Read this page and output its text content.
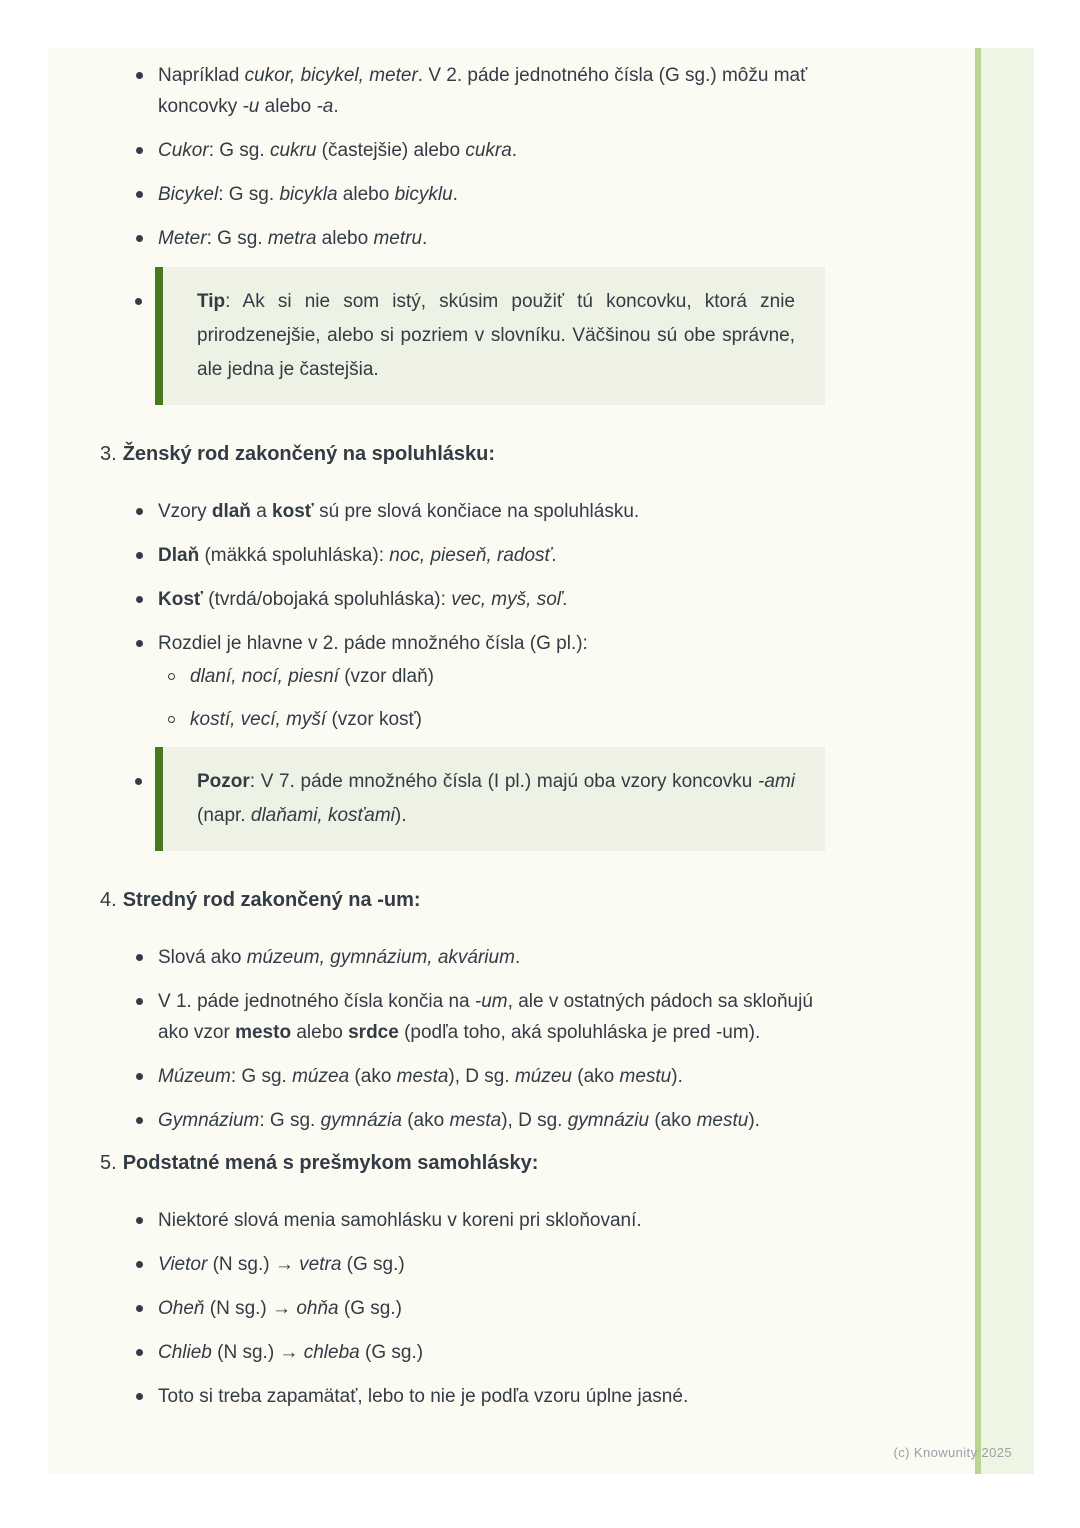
Napríklad cukor, bicykel, meter. V 2. páde jednotného čísla (G sg.) môžu mať koncovky -u alebo -a.
Cukor: G sg. cukru (častejšie) alebo cukra.
Bicykel: G sg. bicykla alebo bicyklu.
Meter: G sg. metra alebo metru.
Tip: Ak si nie som istý, skúsim použiť tú koncovku, ktorá znie prirodzenejšie, alebo si pozriem v slovníku. Väčšinou sú obe správne, ale jedna je častejšia.
3. Ženský rod zakončený na spoluhlásku:
Vzory dlaň a kosť sú pre slová končiace na spoluhlásku.
Dlaň (mäkká spoluhláska): noc, pieseň, radosť.
Kosť (tvrdá/obojaká spoluhláska): vec, myš, soľ.
Rozdiel je hlavne v 2. páde množného čísla (G pl.):
dlaní, nocí, piesní (vzor dlaň)
kostí, vecí, myší (vzor kosť)
Pozor: V 7. páde množného čísla (I pl.) majú oba vzory koncovku -ami (napr. dlaňami, kosťami).
4. Stredný rod zakončený na -um:
Slová ako múzeum, gymnázium, akvárium.
V 1. páde jednotného čísla končia na -um, ale v ostatných pádoch sa skloňujú ako vzor mesto alebo srdce (podľa toho, aká spoluhláska je pred -um).
Múzeum: G sg. múzea (ako mesta), D sg. múzeu (ako mestu).
Gymnázium: G sg. gymnázia (ako mesta), D sg. gymnáziu (ako mestu).
5. Podstatné mená s prešmykom samohlásky:
Niektoré slová menia samohlásku v koreni pri skloňovaní.
Vietor (N sg.) → vetra (G sg.)
Oheň (N sg.) → ohňa (G sg.)
Chlieb (N sg.) → chleba (G sg.)
Toto si treba zapamätať, lebo to nie je podľa vzoru úplne jasné.
(c) Knowunity 2025
